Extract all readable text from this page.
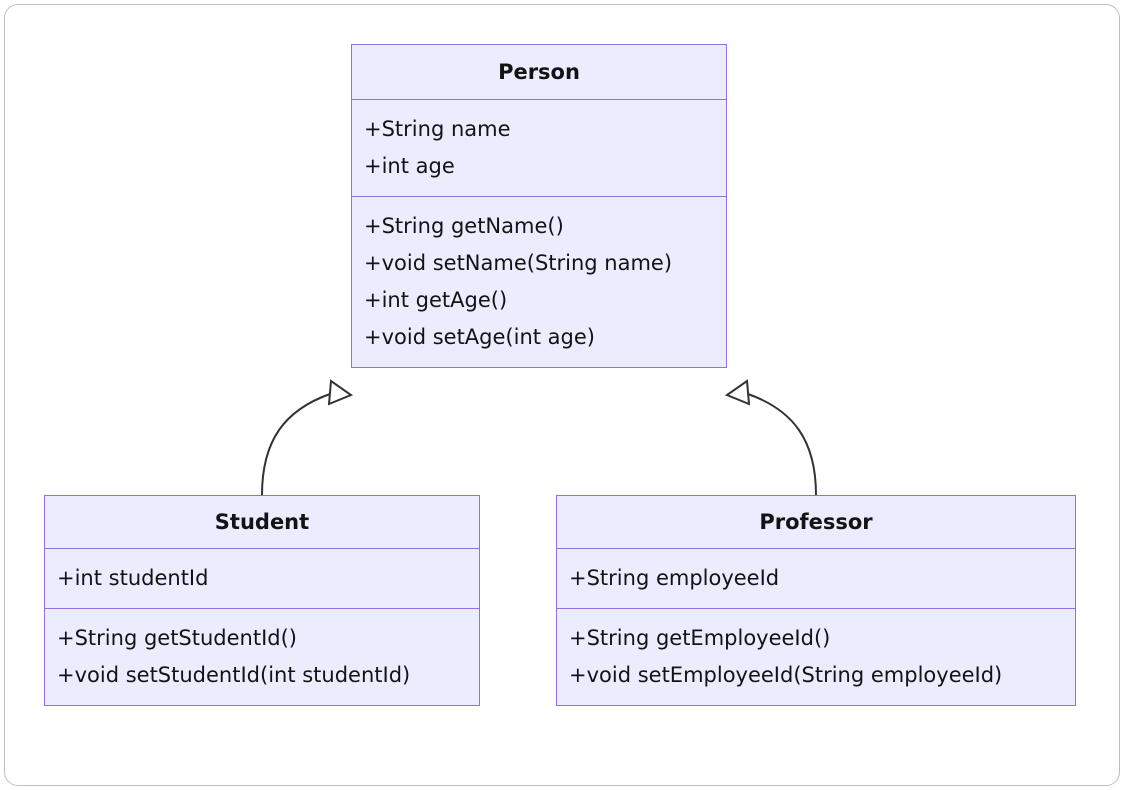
Person
+String name
+int age
+String getName()
+void setName(String name)
+int getAge()
+void setAge(int age)
Student
+int studentId
+String getStudentId()
+void setStudentId(int studentId)
Professor
+String employeeId
+String getEmployeeId()
+void setEmployeeId(String employeeId)
